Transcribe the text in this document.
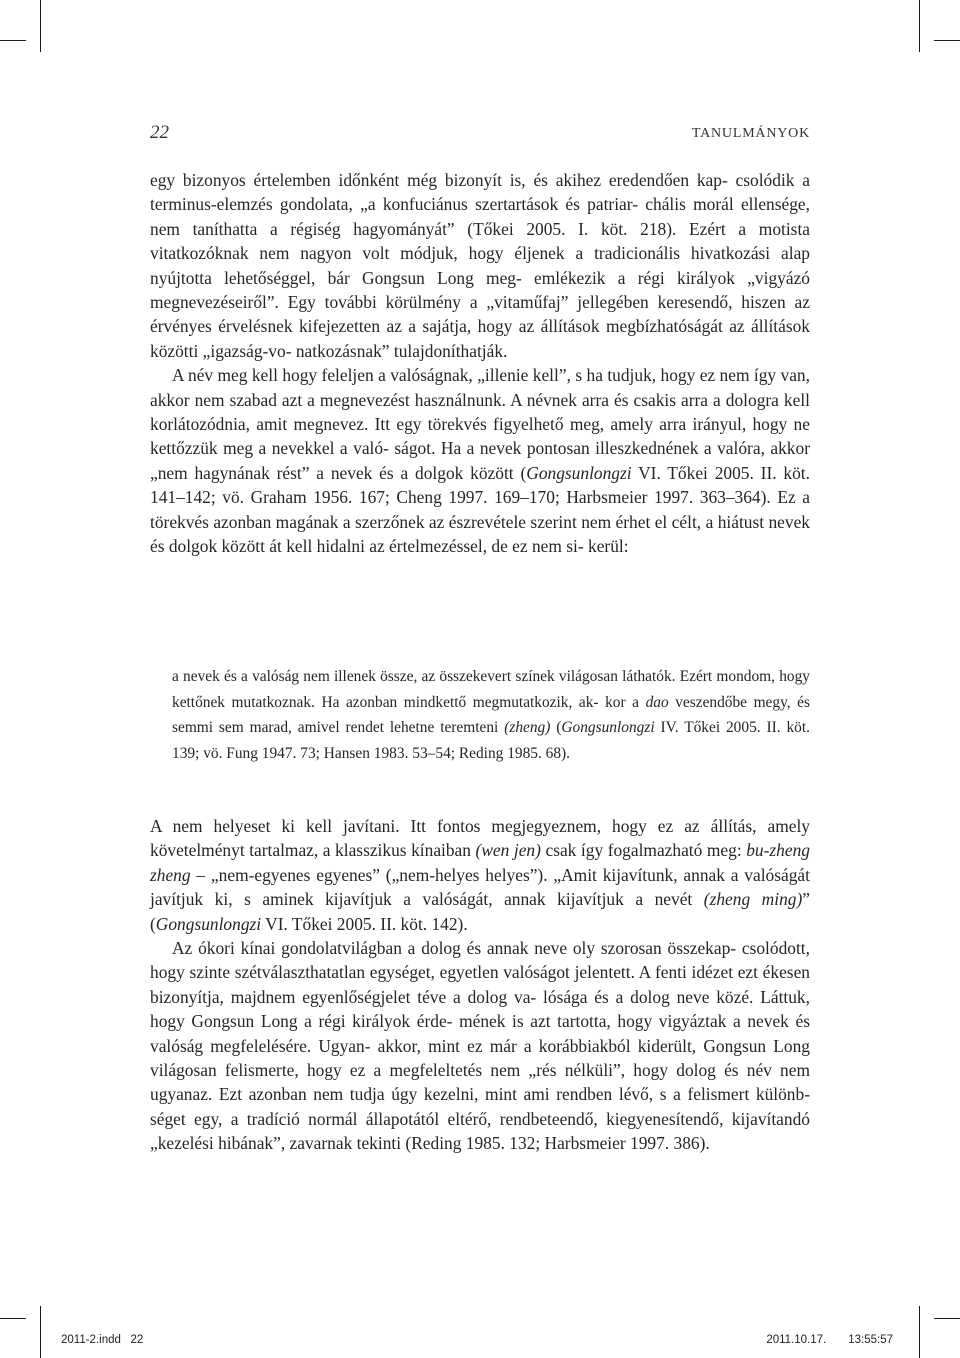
22	TANULMÁNYOK

egy bizonyos értelemben időnként még bizonyít is, és akihez eredendően kap- csolódik a terminus-elemzés gondolata, „a konfuciánus szertartások és patriar- chális morál ellensége, nem taníthatta a régiség hagyományát” (Tőkei 2005. I. köt. 218). Ezért a motista vitatkozóknak nem nagyon volt módjuk, hogy éljenek a tradicionális hivatkozási alap nyújtotta lehetőséggel, bár Gongsun Long meg- emlékezik a régi királyok „vigyázó megnevezéseiről”. Egy további körülmény a „vitaműfaj” jellegében keresendő, hiszen az érvényes érvelésnek kifejezetten az a sajátja, hogy az állítások megbízhatóságát az állítások közötti „igazság-vo- natkozásnak” tulajdoníthatják.

A név meg kell hogy feleljen a valóságnak, „illenie kell”, s ha tudjuk, hogy ez nem így van, akkor nem szabad azt a megnevezést használnunk. A névnek arra és csakis arra a dologra kell korlátozódnia, amit megnevez. Itt egy törekvés figyelhető meg, amely arra irányul, hogy ne kettőzzük meg a nevekkel a való- ságot. Ha a nevek pontosan illeszkednének a valóra, akkor „nem hagynának rést” a nevek és a dolgok között (Gongsunlongzi VI. Tőkei 2005. II. köt. 141–142; vö. Graham 1956. 167; Cheng 1997. 169–170; Harbsmeier 1997. 363–364). Ez a törekvés azonban magának a szerzőnek az észrevétele szerint nem érhet el célt, a hiátust nevek és dolgok között át kell hidalni az értelmezéssel, de ez nem si- kerül:

a nevek és a valóság nem illenek össze, az összekevert színek világosan láthatók. Ezért mondom, hogy kettőnek mutatkoznak. Ha azonban mindkettő megmutatkozik, ak- kor a dao veszendőbe megy, és semmi sem marad, amivel rendet lehetne teremteni (zheng) (Gongsunlongzi IV. Tőkei 2005. II. köt. 139; vö. Fung 1947. 73; Hansen 1983. 53–54; Reding 1985. 68).

A nem helyeset ki kell javítani. Itt fontos megjegyeznem, hogy ez az állítás, amely követelményt tartalmaz, a klasszikus kínaiban (wen jen) csak így fogalmazható meg: bu-zheng zheng – „nem-egyenes egyenes” („nem-helyes helyes”). „Amit kijavítunk, annak a valóságát javítjuk ki, s aminek kijavítjuk a valóságát, annak kijavítjuk a nevét (zheng ming)” (Gongsunlongzi VI. Tőkei 2005. II. köt. 142).

Az ókori kínai gondolatvilágban a dolog és annak neve oly szorosan összekap- csolódott, hogy szinte szétválaszthatatlan egységet, egyetlen valóságot jelentett. A fenti idézet ezt ékesen bizonyítja, majdnem egyenlőségjelet téve a dolog va- lósága és a dolog neve közé. Láttuk, hogy Gongsun Long a régi királyok érde- mének is azt tartotta, hogy vigyáztak a nevek és valóság megfelelésére. Ugyan- akkor, mint ez már a korábbiakból kiderült, Gongsun Long világosan felismerte, hogy ez a megfeleltetés nem „rés nélküli”, hogy dolog és név nem ugyanaz. Ezt azonban nem tudja úgy kezelni, mint ami rendben lévő, s a felismert különb- séget egy, a tradíció normál állapotától eltérő, rendbeteendő, kiegyenesítendő, kijavítandó „kezelési hibának”, zavarnak tekinti (Reding 1985. 132; Harbsmeier 1997. 386).

2011-2.indd   22	2011.10.17. 13:55:57
